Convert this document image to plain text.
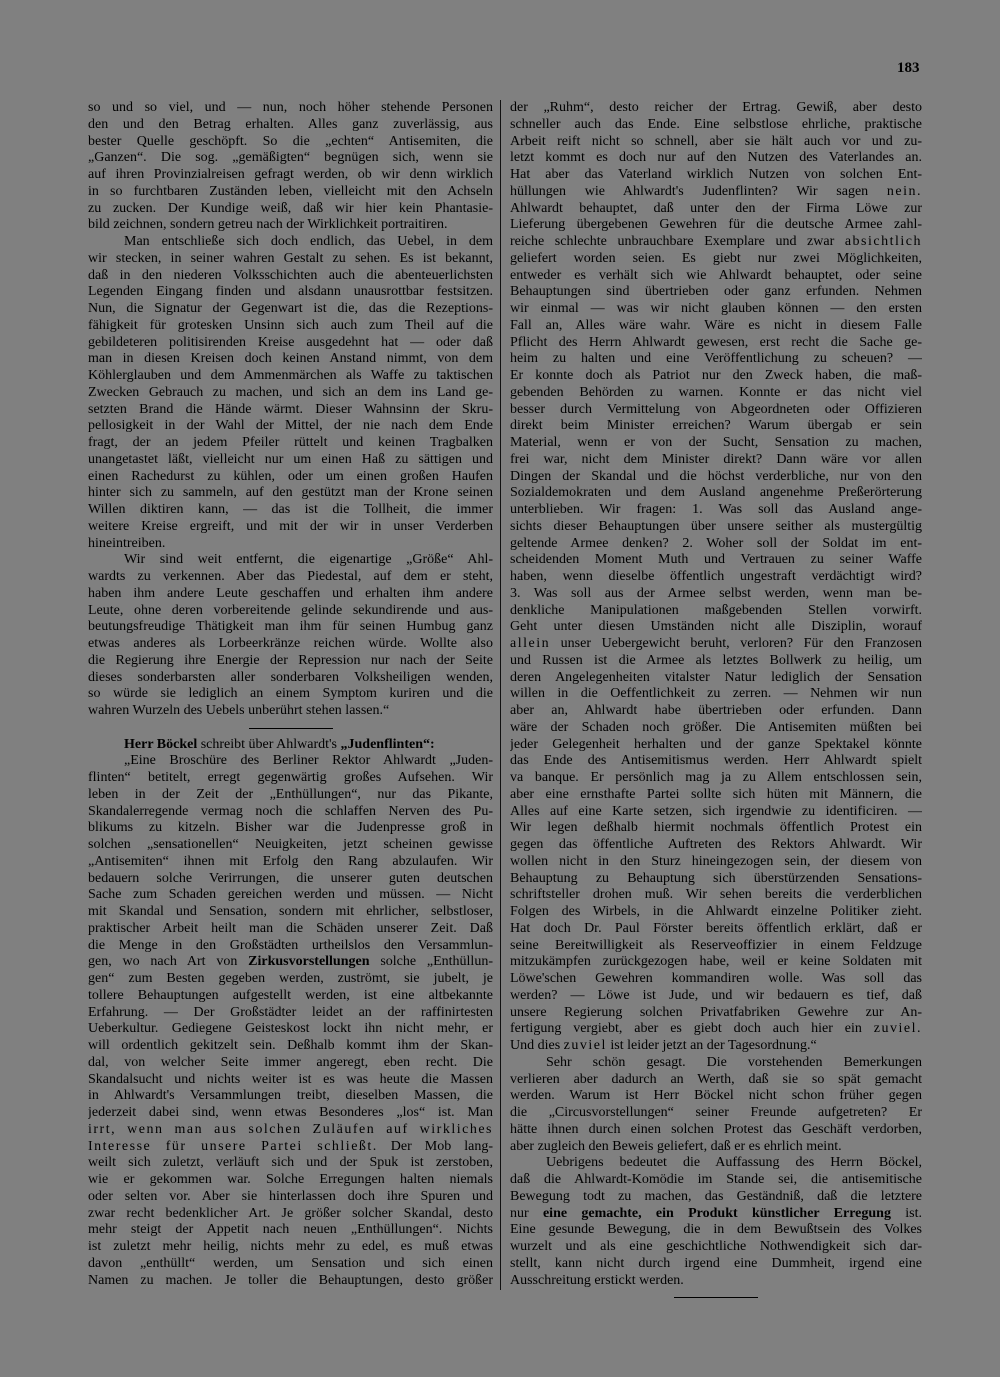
183
so und so viel, und — nun, noch höher stehende Personen
den und den Betrag erhalten. Alles ganz zuverlässig, aus
bester Quelle geschöpft. So die „echten“ Antisemiten, die
„Ganzen“. Die sog. „gemäßigten“ begnügen sich, wenn sie
auf ihren Provinzialreisen gefragt werden, ob wir denn wirklich
in so furchtbaren Zuständen leben, vielleicht mit den Achseln
zu zucken. Der Kundige weiß, daß wir hier kein Phantasie-
bild zeichnen, sondern getreu nach der Wirklichkeit portraitiren.
Man entschließe sich doch endlich, das Uebel, in dem
wir stecken, in seiner wahren Gestalt zu sehen. Es ist bekannt,
daß in den niederen Volksschichten auch die abenteuerlichsten
Legenden Eingang finden und alsdann unausrottbar festsitzen.
Nun, die Signatur der Gegenwart ist die, das die Rezeptions-
fähigkeit für grotesken Unsinn sich auch zum Theil auf die
gebildeteren politisirenden Kreise ausgedehnt hat — oder daß
man in diesen Kreisen doch keinen Anstand nimmt, von dem
Köhlerglauben und dem Ammenmärchen als Waffe zu taktischen
Zwecken Gebrauch zu machen, und sich an dem ins Land ge-
setzten Brand die Hände wärmt. Dieser Wahnsinn der Skru-
pellosigkeit in der Wahl der Mittel, der nie nach dem Ende
fragt, der an jedem Pfeiler rüttelt und keinen Tragbalken
unangetastet läßt, vielleicht nur um einen Haß zu sättigen und
einen Rachedurst zu kühlen, oder um einen großen Haufen
hinter sich zu sammeln, auf den gestützt man der Krone seinen
Willen diktiren kann, — das ist die Tollheit, die immer
weitere Kreise ergreift, und mit der wir in unser Verderben
hineintreiben.
Wir sind weit entfernt, die eigenartige „Größe“ Ahl-
wardts zu verkennen. Aber das Piedestal, auf dem er steht,
haben ihm andere Leute geschaffen und erhalten ihm andere
Leute, ohne deren vorbereitende gelinde sekundirende und aus-
beutungsfreudige Thätigkeit man ihm für seinen Humbug ganz
etwas anderes als Lorbeerkränze reichen würde. Wollte also
die Regierung ihre Energie der Repression nur nach der Seite
dieses sonderbarsten aller sonderbaren Volksheiligen wenden,
so würde sie lediglich an einem Symptom kuriren und die
wahren Wurzeln des Uebels unberührt stehen lassen.“
Herr Böckel schreibt über Ahlwardt's „Judenflinten“:
„Eine Broschüre des Berliner Rektor Ahlwardt „Juden-
flinten“ betitelt, erregt gegenwärtig großes Aufsehen. Wir
leben in der Zeit der „Enthüllungen“, nur das Pikante,
Skandalerregende vermag noch die schlaffen Nerven des Pu-
blikums zu kitzeln. Bisher war die Judenpresse groß in
solchen „sensationellen“ Neuigkeiten, jetzt scheinen gewisse
„Antisemiten“ ihnen mit Erfolg den Rang abzulaufen. Wir
bedauern solche Verirrungen, die unserer guten deutschen
Sache zum Schaden gereichen werden und müssen. — Nicht
mit Skandal und Sensation, sondern mit ehrlicher, selbstloser,
praktischer Arbeit heilt man die Schäden unserer Zeit. Daß
die Menge in den Großstädten urtheilslos den Versammlun-
gen, wo nach Art von Zirkusvorstellungen solche „Enthüllun-
gen“ zum Besten gegeben werden, zuströmt, sie jubelt, je
tollere Behauptungen aufgestellt werden, ist eine altbekannte
Erfahrung. — Der Großstädter leidet an der raffinirtesten
Ueberkultur. Gediegene Geisteskost lockt ihn nicht mehr, er
will ordentlich gekitzelt sein. Deßhalb kommt ihm der Skan-
dal, von welcher Seite immer angeregt, eben recht. Die
Skandalsucht und nichts weiter ist es was heute die Massen
in Ahlwardt's Versammlungen treibt, dieselben Massen, die
jederzeit dabei sind, wenn etwas Besonderes „los“ ist. Man
irrt, wenn man aus solchen Zuläufen auf wirkliches
Interesse für unsere Partei schließt. Der Mob lang-
weilt sich zuletzt, verläuft sich und der Spuk ist zerstoben,
wie er gekommen war. Solche Erregungen halten niemals
oder selten vor. Aber sie hinterlassen doch ihre Spuren und
zwar recht bedenklicher Art. Je größer solcher Skandal, desto
mehr steigt der Appetit nach neuen „Enthüllungen“. Nichts
ist zuletzt mehr heilig, nichts mehr zu edel, es muß etwas
davon „enthüllt“ werden, um Sensation und sich einen
Namen zu machen. Je toller die Behauptungen, desto größer
der „Ruhm“, desto reicher der Ertrag. Gewiß, aber desto
schneller auch das Ende. Eine selbstlose ehrliche, praktische
Arbeit reift nicht so schnell, aber sie hält auch vor und zu-
letzt kommt es doch nur auf den Nutzen des Vaterlandes an.
Hat aber das Vaterland wirklich Nutzen von solchen Ent-
hüllungen wie Ahlwardt's Judenflinten? Wir sagen nein.
Ahlwardt behauptet, daß unter den der Firma Löwe zur
Lieferung übergebenen Gewehren für die deutsche Armee zahl-
reiche schlechte unbrauchbare Exemplare und zwar absichtlich
geliefert worden seien. Es giebt nur zwei Möglichkeiten,
entweder es verhält sich wie Ahlwardt behauptet, oder seine
Behauptungen sind übertrieben oder ganz erfunden. Nehmen
wir einmal — was wir nicht glauben können — den ersten
Fall an, Alles wäre wahr. Wäre es nicht in diesem Falle
Pflicht des Herrn Ahlwardt gewesen, erst recht die Sache ge-
heim zu halten und eine Veröffentlichung zu scheuen? —
Er konnte doch als Patriot nur den Zweck haben, die maß-
gebenden Behörden zu warnen. Konnte er das nicht viel
besser durch Vermittelung von Abgeordneten oder Offizieren
direkt beim Minister erreichen? Warum übergab er sein
Material, wenn er von der Sucht, Sensation zu machen,
frei war, nicht dem Minister direkt? Dann wäre vor allen
Dingen der Skandal und die höchst verderbliche, nur von den
Sozialdemokraten und dem Ausland angenehme Preßerörterung
unterblieben. Wir fragen: 1. Was soll das Ausland ange-
sichts dieser Behauptungen über unsere seither als mustergültig
geltende Armee denken? 2. Woher soll der Soldat im ent-
scheidenden Moment Muth und Vertrauen zu seiner Waffe
haben, wenn dieselbe öffentlich ungestraft verdächtigt wird?
3. Was soll aus der Armee selbst werden, wenn man be-
denkliche Manipulationen maßgebenden Stellen vorwirft.
Geht unter diesen Umständen nicht alle Disziplin, worauf
allein unser Uebergewicht beruht, verloren? Für den Franzosen
und Russen ist die Armee als letztes Bollwerk zu heilig, um
deren Angelegenheiten vitalster Natur lediglich der Sensation
willen in die Oeffentlichkeit zu zerren. — Nehmen wir nun
aber an, Ahlwardt habe übertrieben oder erfunden. Dann
wäre der Schaden noch größer. Die Antisemiten müßten bei
jeder Gelegenheit herhalten und der ganze Spektakel könnte
das Ende des Antisemitismus werden. Herr Ahlwardt spielt
va banque. Er persönlich mag ja zu Allem entschlossen sein,
aber eine ernsthafte Partei sollte sich hüten mit Männern, die
Alles auf eine Karte setzen, sich irgendwie zu identificiren. —
Wir legen deßhalb hiermit nochmals öffentlich Protest ein
gegen das öffentliche Auftreten des Rektors Ahlwardt. Wir
wollen nicht in den Sturz hineingezogen sein, der diesem von
Behauptung zu Behauptung sich überstürzenden Sensations-
schriftsteller drohen muß. Wir sehen bereits die verderblichen
Folgen des Wirbels, in die Ahlwardt einzelne Politiker zieht.
Hat doch Dr. Paul Förster bereits öffentlich erklärt, daß er
seine Bereitwilligkeit als Reserveoffizier in einem Feldzuge
mitzukämpfen zurückgezogen habe, weil er keine Soldaten mit
Löwe'schen Gewehren kommandiren wolle. Was soll das
werden? — Löwe ist Jude, und wir bedauern es tief, daß
unsere Regierung solchen Privatfabriken Gewehre zur An-
fertigung vergiebt, aber es giebt doch auch hier ein zuviel.
Und dies zuviel ist leider jetzt an der Tagesordnung.“
Sehr schön gesagt. Die vorstehenden Bemerkungen
verlieren aber dadurch an Werth, daß sie so spät gemacht
werden. Warum ist Herr Böckel nicht schon früher gegen
die „Circusvorstellungen“ seiner Freunde aufgetreten? Er
hätte ihnen durch einen solchen Protest das Geschäft verdorben,
aber zugleich den Beweis geliefert, daß er es ehrlich meint.
Uebrigens bedeutet die Auffassung des Herrn Böckel,
daß die Ahlwardt-Komödie im Stande sei, die antisemitische
Bewegung todt zu machen, das Geständniß, daß die letztere
nur eine gemachte, ein Produkt künstlicher Erregung ist.
Eine gesunde Bewegung, die in dem Bewußtsein des Volkes
wurzelt und als eine geschichtliche Nothwendigkeit sich dar-
stellt, kann nicht durch irgend eine Dummheit, irgend eine
Ausschreitung erstickt werden.
